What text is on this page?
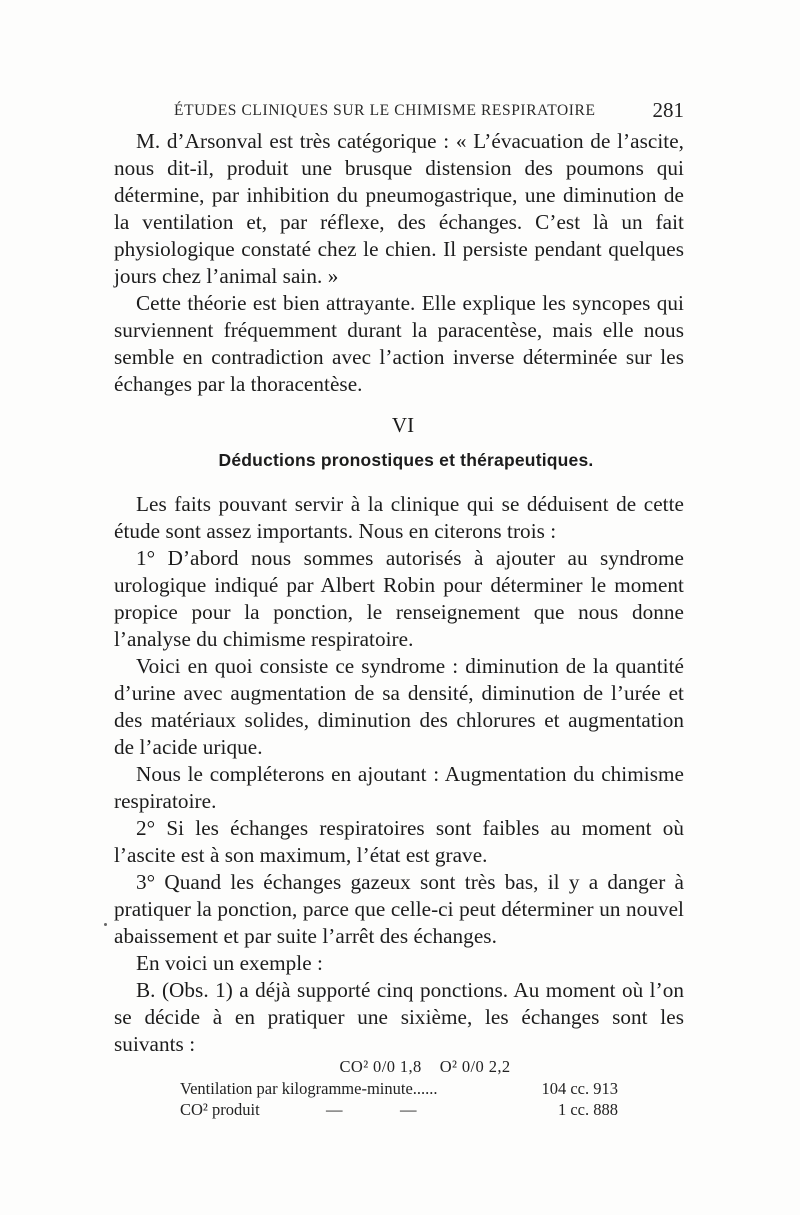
ÉTUDES CLINIQUES SUR LE CHIMISME RESPIRATOIRE	281

M. d’Arsonval est très catégorique : « L’évacuation de l’ascite, nous dit-il, produit une brusque distension des poumons qui détermine, par inhibition du pneumogastrique, une diminution de la ventilation et, par réflexe, des échanges. C’est là un fait physiologique constaté chez le chien. Il persiste pendant quelques jours chez l’animal sain. »

Cette théorie est bien attrayante. Elle explique les syncopes qui surviennent fréquemment durant la paracentèse, mais elle nous semble en contradiction avec l’action inverse déterminée sur les échanges par la thoracentèse.

VI
Déductions pronostiques et thérapeutiques.

Les faits pouvant servir à la clinique qui se déduisent de cette étude sont assez importants. Nous en citerons trois :

1° D’abord nous sommes autorisés à ajouter au syndrome urologique indiqué par Albert Robin pour déterminer le moment propice pour la ponction, le renseignement que nous donne l’analyse du chimisme respiratoire.

Voici en quoi consiste ce syndrome : diminution de la quantité d’urine avec augmentation de sa densité, diminution de l’urée et des matériaux solides, diminution des chlorures et augmentation de l’acide urique.

Nous le compléterons en ajoutant : Augmentation du chimisme respiratoire.

2° Si les échanges respiratoires sont faibles au moment où l’ascite est à son maximum, l’état est grave.

3° Quand les échanges gazeux sont très bas, il y a danger à pratiquer la ponction, parce que celle-ci peut déterminer un nouvel abaissement et par suite l’arrêt des échanges.

En voici un exemple :

B. (Obs. 1) a déjà supporté cinq ponctions. Au moment où l’on se décide à en pratiquer une sixième, les échanges sont les suivants :

CO² 0/0 1,8 O² 0/0 2,2
Ventilation par kilogramme-minute......	104 cc. 913
CO² produit	—	—	1 cc. 888
